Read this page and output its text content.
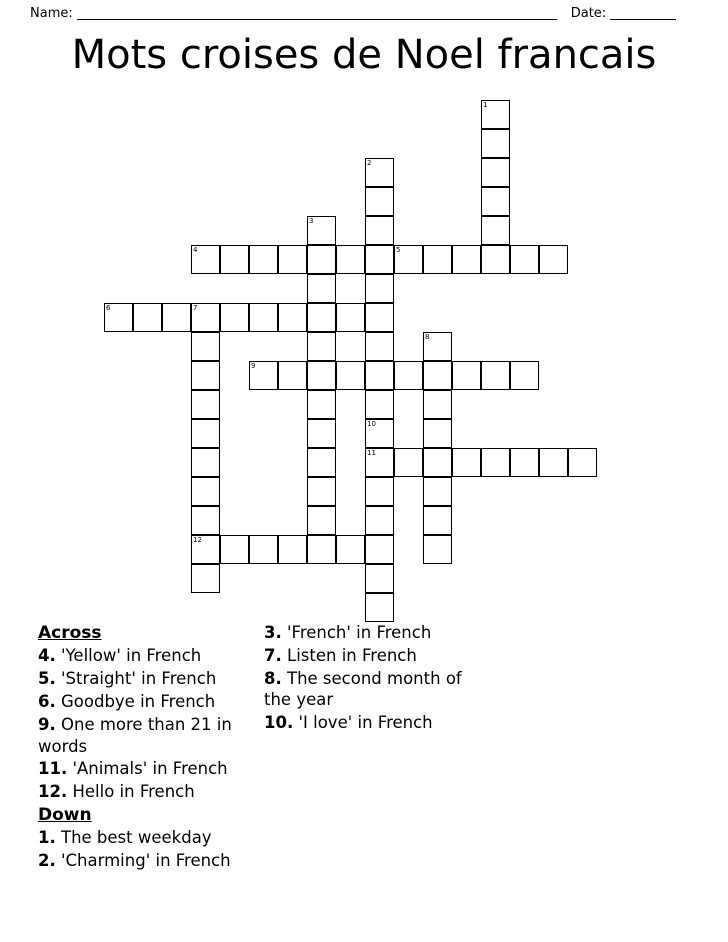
Name:	Date:
Mots croises de Noel francais
1
2
10
11
3
4	5
6	7
12
8
9
Across
4. 'Yellow' in French
5. 'Straight' in French
6. Goodbye in French
9. One more than 21 in words
11. 'Animals' in French
12. Hello in French
Down
1. The best weekday
2. 'Charming' in French
3. 'French' in French
7. Listen in French
8. The second month of the year
10. 'I love' in French
